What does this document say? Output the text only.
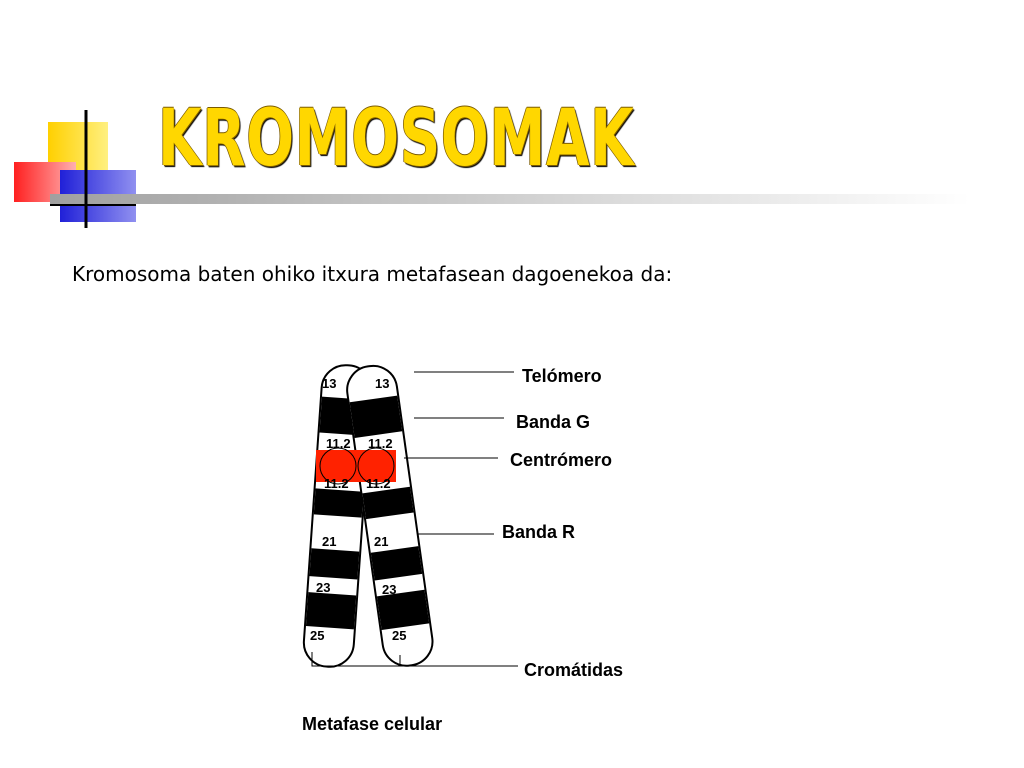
KROMOSOMAK

Kromosoma baten ohiko itxura metafasean dagoenekoa da:

13
11.2
11.2
21
23
25
13
11.2
11.2
21
23
25
Telómero
Banda G
Centrómero
Banda R
Cromátidas
Metafase celular
